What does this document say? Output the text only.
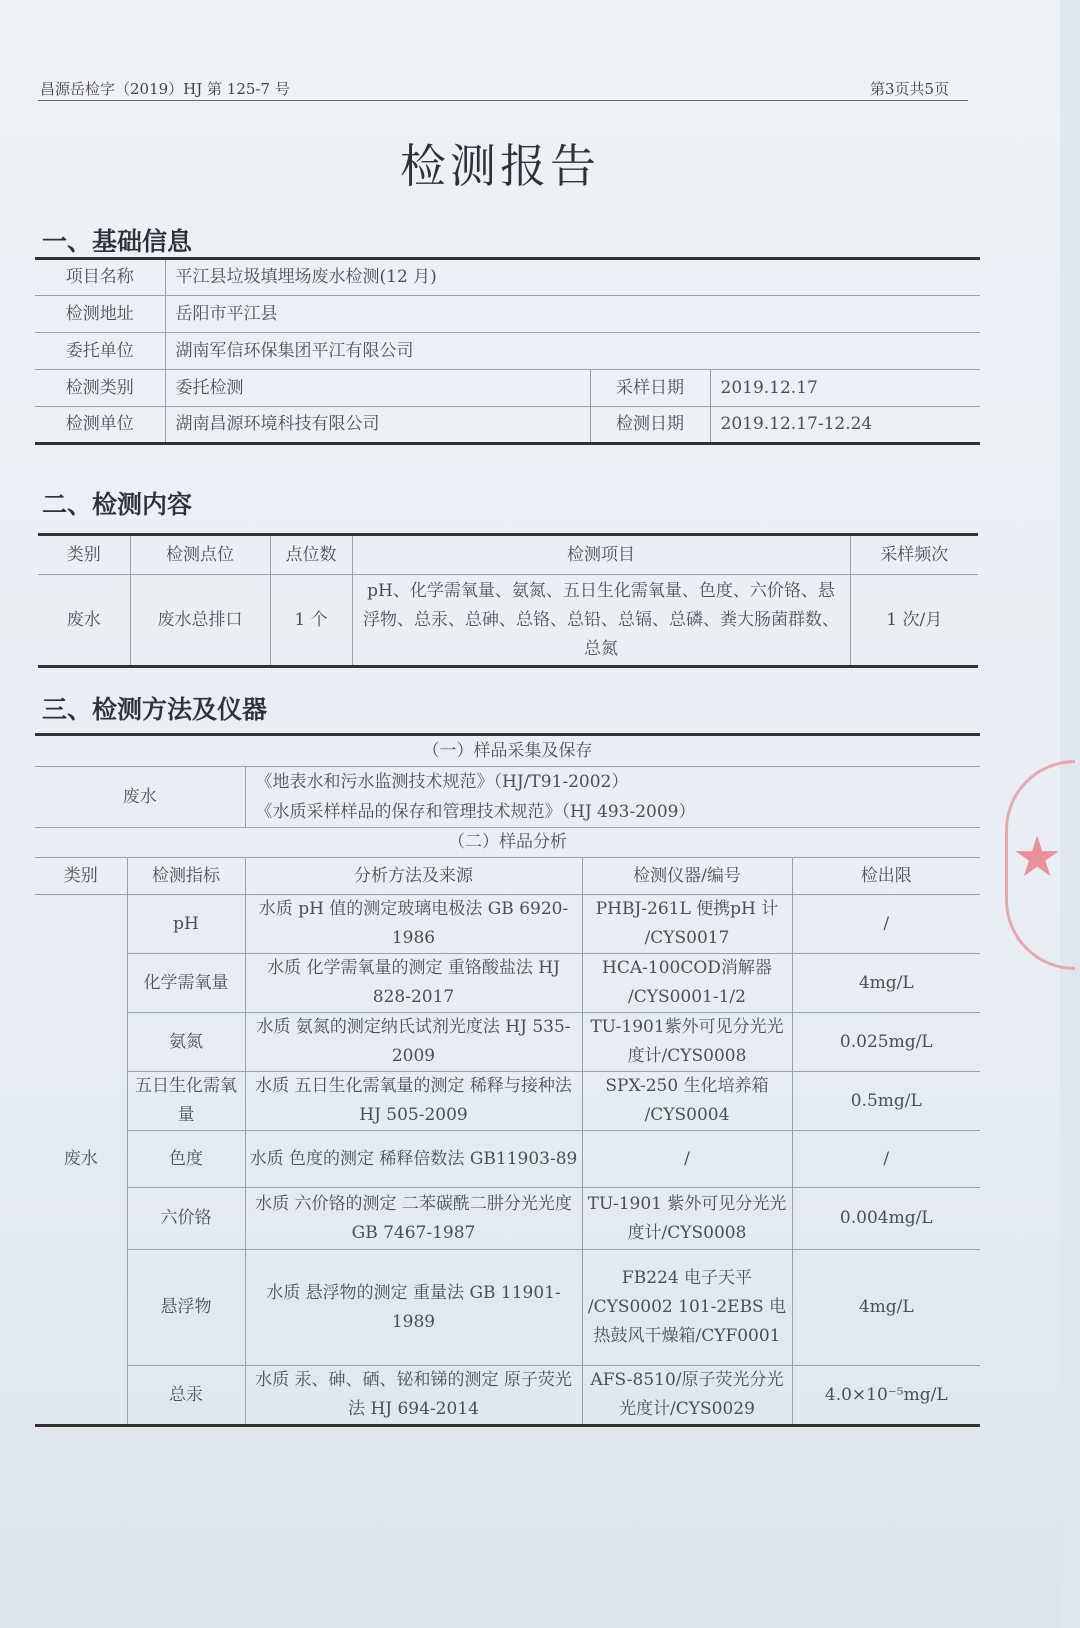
昌源岳检字（2019）HJ 第 125-7 号	第3页共5页
检测报告
一、基础信息
项目名称	平江县垃圾填埋场废水检测(12 月)		
检测地址	岳阳市平江县		
委托单位	湖南军信环保集团平江有限公司		
检测类别	委托检测	采样日期	2019.12.17
检测单位	湖南昌源环境科技有限公司	检测日期	2019.12.17-12.24
二、检测内容
类别	检测点位	点位数	检测项目	采样频次
废水	废水总排口	1 个	pH、化学需氧量、氨氮、五日生化需氧量、色度、六价铬、悬浮物、总汞、总砷、总铬、总铅、总镉、总磷、粪大肠菌群数、总氮	1 次/月
三、检测方法及仪器
（一）样品采集及保存				
废水		《地表水和污水监测技术规范》（HJ/T91-2002）
《水质采样样品的保存和管理技术规范》（HJ 493-2009）		

（二）样品分析				
类别	检测指标	分析方法及来源	检测仪器/编号	检出限
废水	pH	水质 pH 值的测定玻璃电极法 GB 6920-1986	PHBJ-261L 便携pH 计 /CYS0017	/
	化学需氧量	水质 化学需氧量的测定 重铬酸盐法 HJ 828-2017	HCA-100COD消解器 /CYS0001-1/2	4mg/L
	氨氮	水质 氨氮的测定纳氏试剂光度法 HJ 535-2009	TU-1901紫外可见分光光度计/CYS0008	0.025mg/L
	五日生化需氧量	水质 五日生化需氧量的测定 稀释与接种法 HJ 505-2009	SPX-250 生化培养箱 /CYS0004	0.5mg/L
	色度	水质 色度的测定 稀释倍数法 GB11903-89	/	/
	六价铬	水质 六价铬的测定 二苯碳酰二肼分光光度 GB 7467-1987	TU-1901 紫外可见分光光度计/CYS0008	0.004mg/L
	悬浮物	水质 悬浮物的测定 重量法 GB 11901-1989	FB224 电子天平 /CYS0002 101-2EBS 电热鼓风干燥箱/CYF0001	4mg/L
	总汞	水质 汞、砷、硒、铋和锑的测定 原子荧光法 HJ 694-2014	AFS-8510/原子荧光分光光度计/CYS0029	4.0×10⁻⁵mg/L
★
